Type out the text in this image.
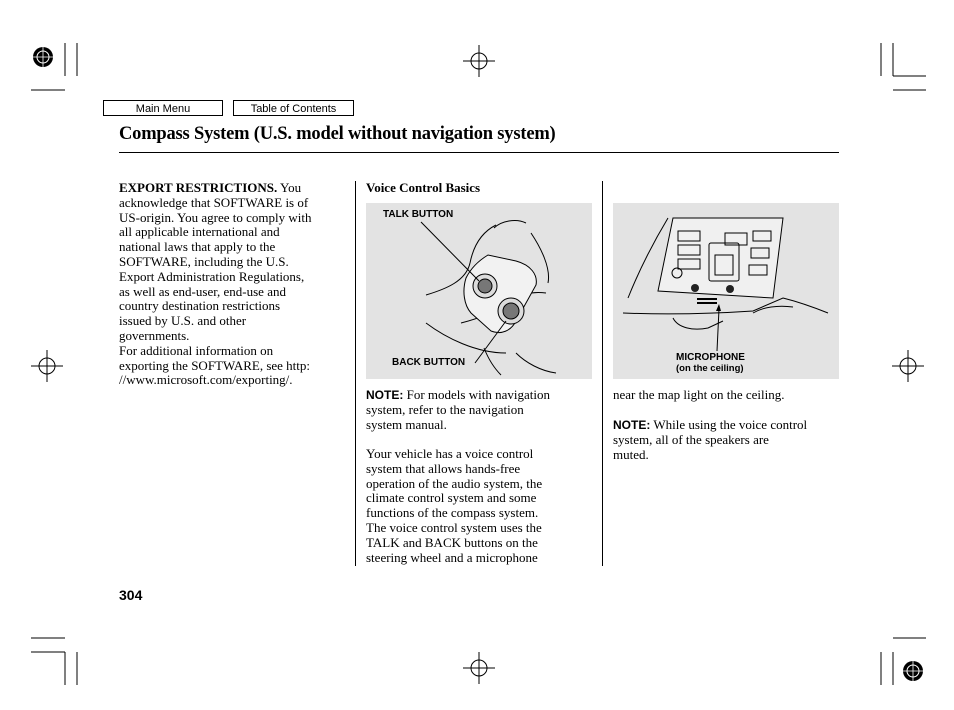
Main Menu	Table of Contents
Compass System (U.S. model without navigation system)

EXPORT RESTRICTIONS. You

acknowledge that SOFTWARE is of

US-origin. You agree to comply with

all applicable international and

national laws that apply to the

SOFTWARE, including the U.S.

Export Administration Regulations,

as well as end-user, end-use and

country destination restrictions

issued by U.S. and other

governments.

For additional information on

exporting the SOFTWARE, see http:

//www.microsoft.com/exporting/.

Voice Control Basics
TALK BUTTON
BACK BUTTON

NOTE: For models with navigation

system, refer to the navigation

system manual.

Your vehicle has a voice control

system that allows hands-free

operation of the audio system, the

climate control system and some

functions of the compass system.

The voice control system uses the

TALK and BACK buttons on the

steering wheel and a microphone

MICROPHONE
(on the ceiling)
near the map light on the ceiling.

NOTE: While using the voice control

system, all of the speakers are

muted.

304
